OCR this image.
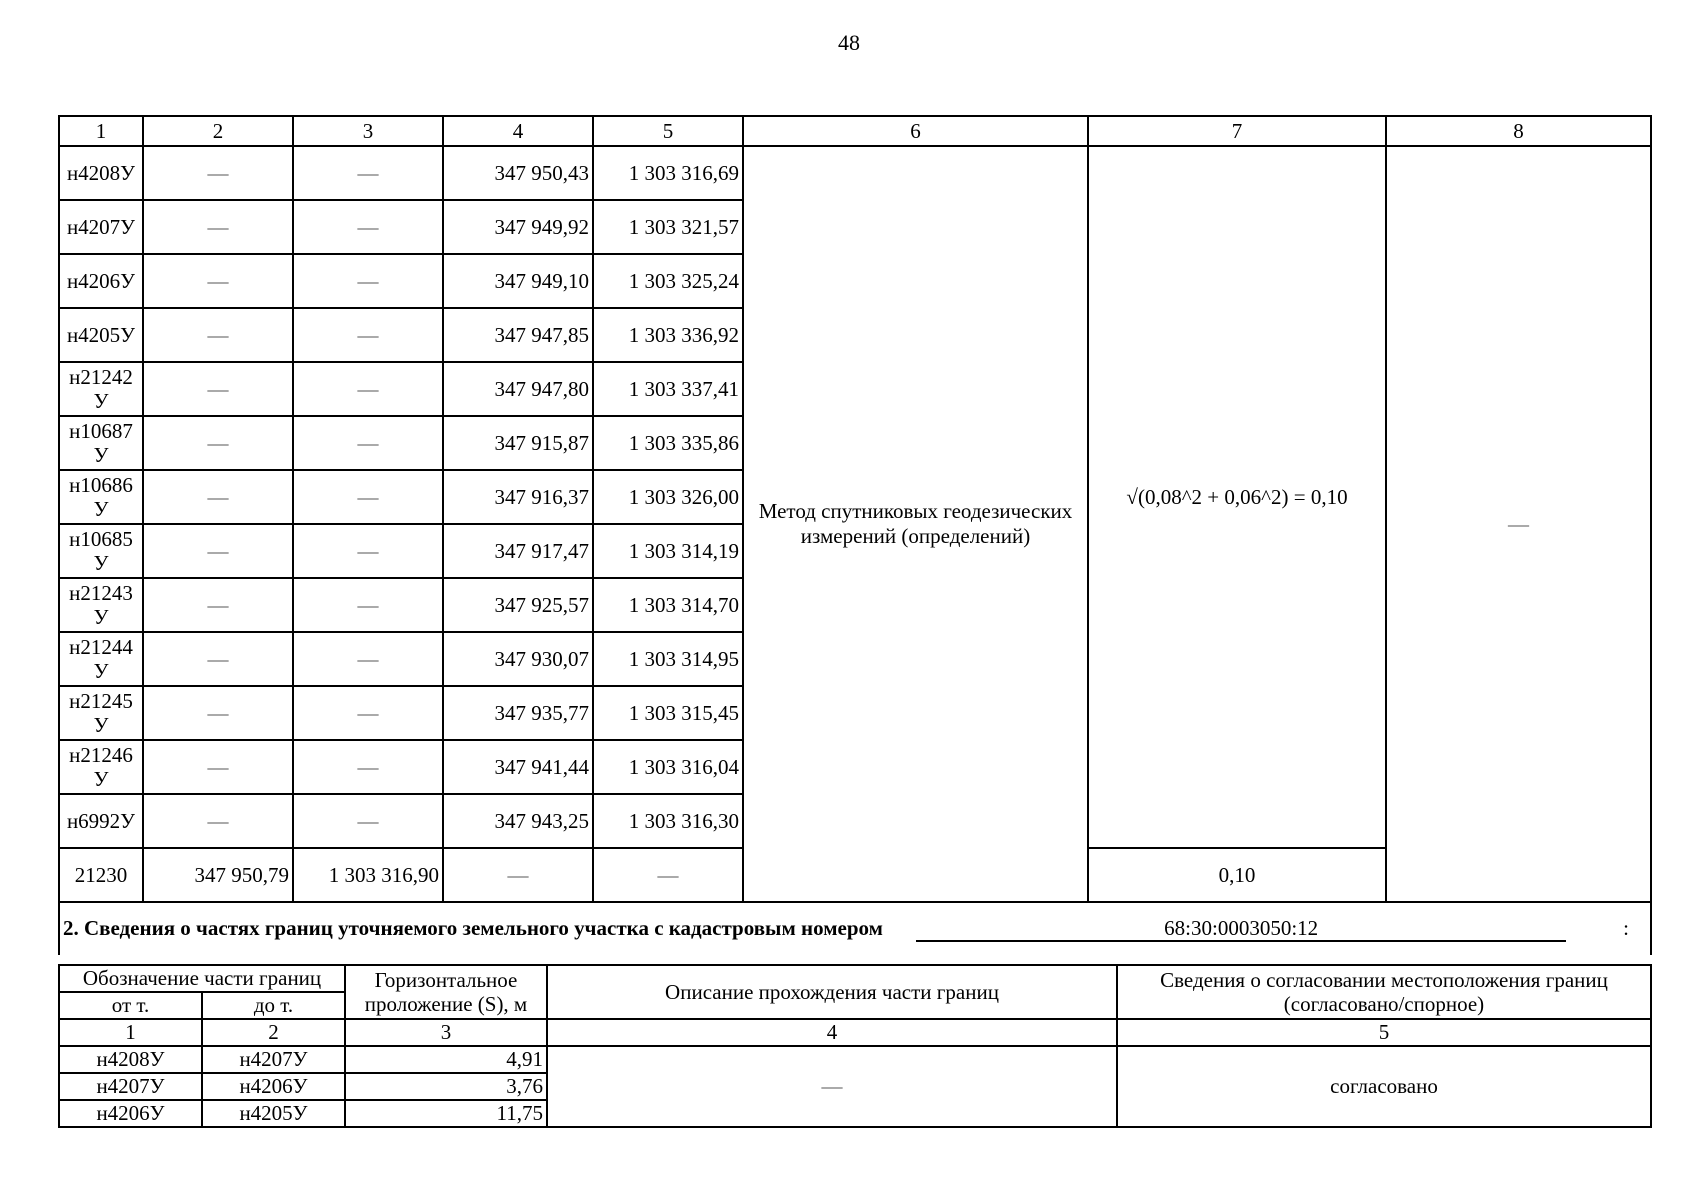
48
1	2	3	4	5	6	7	8
н4208У	—	—	347 950,43	1 303 316,69	Метод спутниковых геодезических измерений (определений)	√(0,08^2 + 0,06^2) = 0,10	—
н4207У	—	—	347 949,92	1 303 321,57			
н4206У	—	—	347 949,10	1 303 325,24			
н4205У	—	—	347 947,85	1 303 336,92			
н21242 У	—	—	347 947,80	1 303 337,41			
н10687 У	—	—	347 915,87	1 303 335,86			
н10686 У	—	—	347 916,37	1 303 326,00			
н10685 У	—	—	347 917,47	1 303 314,19			
н21243 У	—	—	347 925,57	1 303 314,70			
н21244 У	—	—	347 930,07	1 303 314,95			
н21245 У	—	—	347 935,77	1 303 315,45			
н21246 У	—	—	347 941,44	1 303 316,04			
н6992У	—	—	347 943,25	1 303 316,30			
21230	347 950,79	1 303 316,90	—	—		0,10	
2. Сведения о частях границ уточняемого земельного участка с кадастровым номером 68:30:0003050:12 :							
Обозначение части границ		Горизонтальное проложение (S), м	Описание прохождения части границ	Сведения о согласовании местоположения границ (согласовано/спорное)
от т.	до т.			
1	2	3	4	5
н4208У	н4207У	4,91	—	согласовано
н4207У	н4206У	3,76		
н4206У	н4205У	11,75		
